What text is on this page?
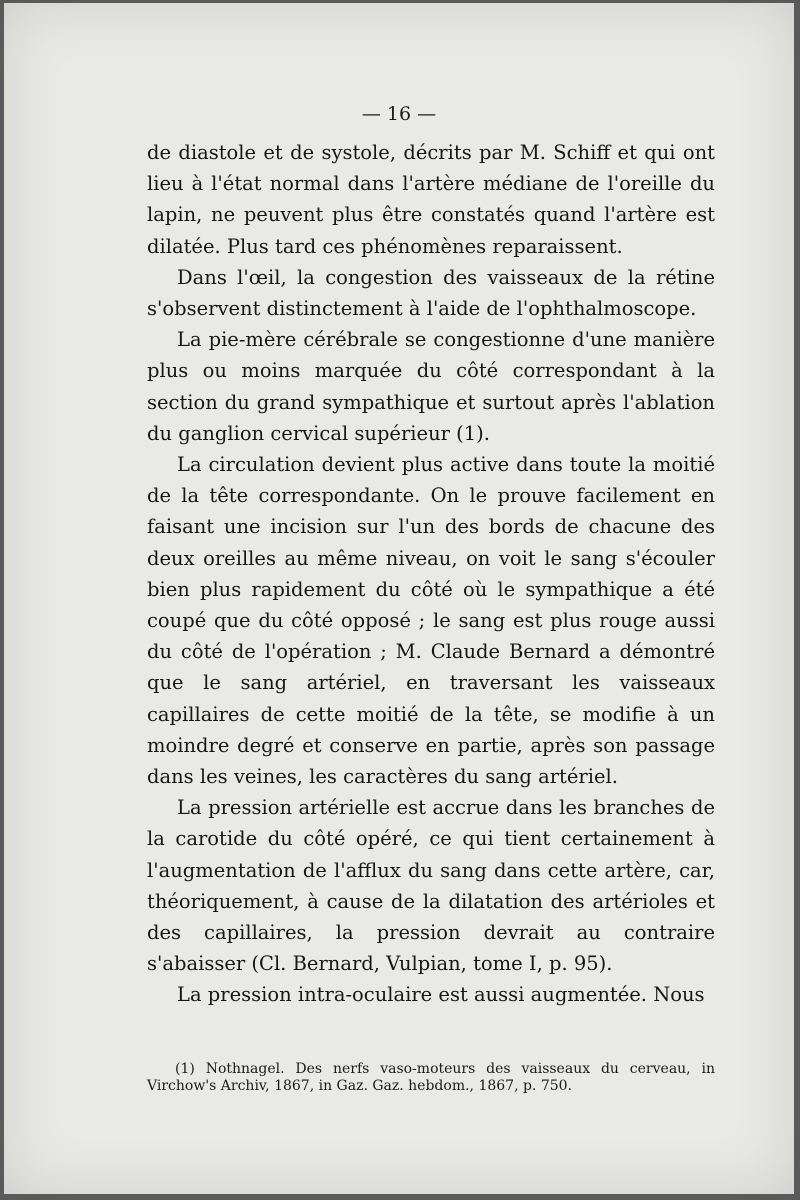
— 16 —

de diastole et de systole, décrits par M. Schiff et qui ont lieu à l'état normal dans l'artère médiane de l'oreille du lapin, ne peuvent plus être constatés quand l'artère est dilatée. Plus tard ces phénomènes reparaissent.

Dans l'œil, la congestion des vaisseaux de la rétine s'observent distinctement à l'aide de l'ophthalmoscope.

La pie-mère cérébrale se congestionne d'une manière plus ou moins marquée du côté correspondant à la section du grand sympathique et surtout après l'ablation du ganglion cervical supérieur (1).

La circulation devient plus active dans toute la moitié de la tête correspondante. On le prouve facilement en faisant une incision sur l'un des bords de chacune des deux oreilles au même niveau, on voit le sang s'écouler bien plus rapidement du côté où le sympathique a été coupé que du côté opposé ; le sang est plus rouge aussi du côté de l'opération ; M. Claude Bernard a démontré que le sang artériel, en traversant les vaisseaux capillaires de cette moitié de la tête, se modifie à un moindre degré et conserve en partie, après son passage dans les veines, les caractères du sang artériel.

La pression artérielle est accrue dans les branches de la carotide du côté opéré, ce qui tient certainement à l'augmentation de l'afflux du sang dans cette artère, car, théoriquement, à cause de la dilatation des artérioles et des capillaires, la pression devrait au contraire s'abaisser (Cl. Bernard, Vulpian, tome I, p. 95).

La pression intra-oculaire est aussi augmentée. Nous

(1) Nothnagel. Des nerfs vaso-moteurs des vaisseaux du cerveau, in Virchow's Archiv, 1867, in Gaz. Gaz. hebdom., 1867, p. 750.
